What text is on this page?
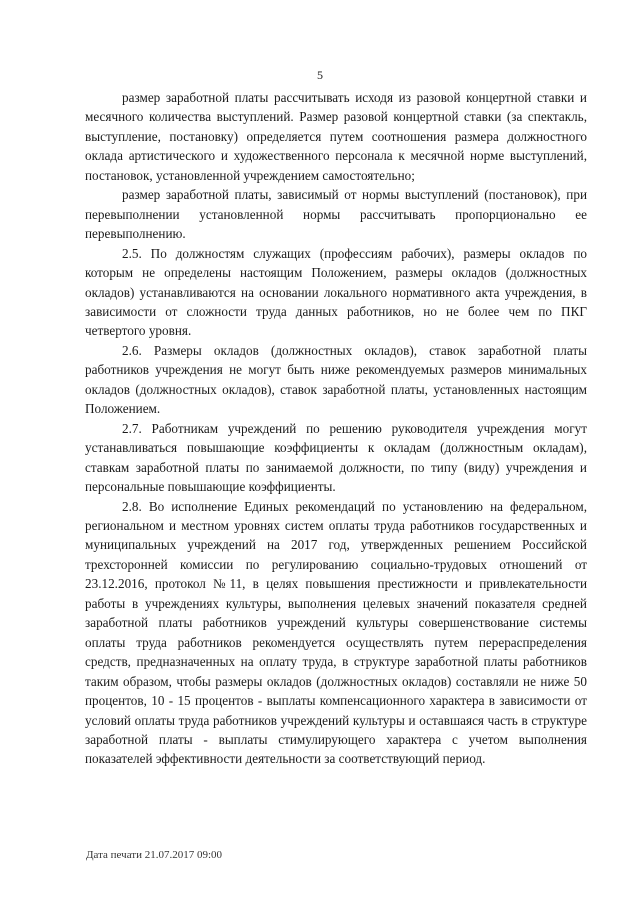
5

размер заработной платы рассчитывать исходя из разовой концертной ставки и месячного количества выступлений. Размер разовой концертной ставки (за спектакль, выступление, постановку) определяется путем соотношения размера должностного оклада артистического и художественного персонала к месячной норме выступлений, постановок, установленной учреждением самостоятельно;

размер заработной платы, зависимый от нормы выступлений (постановок), при перевыполнении установленной нормы рассчитывать пропорционально ее перевыполнению.

2.5. По должностям служащих (профессиям рабочих), размеры окладов по которым не определены настоящим Положением, размеры окладов (должностных окладов) устанавливаются на основании локального нормативного акта учреждения, в зависимости от сложности труда данных работников, но не более чем по ПКГ четвертого уровня.

2.6. Размеры окладов (должностных окладов), ставок заработной платы работников учреждения не могут быть ниже рекомендуемых размеров минимальных окладов (должностных окладов), ставок заработной платы, установленных настоящим Положением.

2.7. Работникам учреждений по решению руководителя учреждения могут устанавливаться повышающие коэффициенты к окладам (должностным окладам), ставкам заработной платы по занимаемой должности, по типу (виду) учреждения и персональные повышающие коэффициенты.

2.8. Во исполнение Единых рекомендаций по установлению на федеральном, региональном и местном уровнях систем оплаты труда работников государственных и муниципальных учреждений на 2017 год, утвержденных решением Российской трехсторонней комиссии по регулированию социально-трудовых отношений от 23.12.2016, протокол №11, в целях повышения престижности и привлекательности работы в учреждениях культуры, выполнения целевых значений показателя средней заработной платы работников учреждений культуры совершенствование системы оплаты труда работников рекомендуется осуществлять путем перераспределения средств, предназначенных на оплату труда, в структуре заработной платы работников таким образом, чтобы размеры окладов (должностных окладов) составляли не ниже 50 процентов, 10 - 15 процентов - выплаты компенсационного характера в зависимости от условий оплаты труда работников учреждений культуры и оставшаяся часть в структуре заработной платы - выплаты стимулирующего характера с учетом выполнения показателей эффективности деятельности за соответствующий период.

Дата печати 21.07.2017 09:00
